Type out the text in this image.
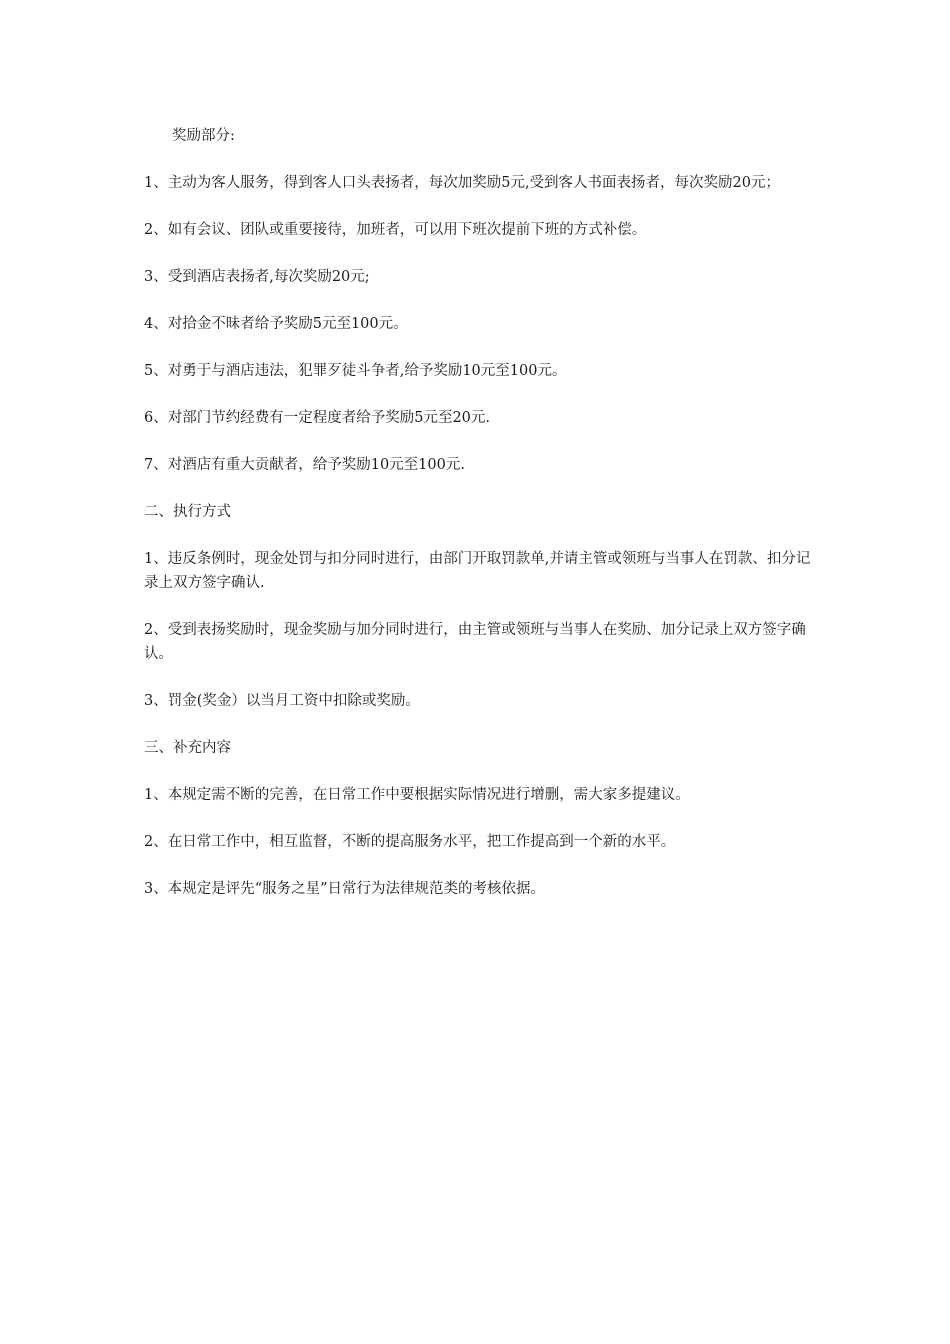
奖励部分:

1、主动为客人服务，得到客人口头表扬者，每次加奖励5元,受到客人书面表扬者，每次奖励20元；

2、如有会议、团队或重要接待，加班者，可以用下班次提前下班的方式补偿。

3、受到酒店表扬者,每次奖励20元;

4、对拾金不昧者给予奖励5元至100元。

5、对勇于与酒店违法，犯罪歹徒斗争者,给予奖励10元至100元。

6、对部门节约经费有一定程度者给予奖励5元至20元.

7、对酒店有重大贡献者，给予奖励10元至100元.

二、执行方式

1、违反条例时，现金处罚与扣分同时进行，由部门开取罚款单,并请主管或领班与当事人在罚款、扣分记录上双方签字确认.

2、受到表扬奖励时，现金奖励与加分同时进行，由主管或领班与当事人在奖励、加分记录上双方签字确认。

3、罚金(奖金）以当月工资中扣除或奖励。

三、补充内容

1、本规定需不断的完善，在日常工作中要根据实际情况进行增删，需大家多提建议。

2、在日常工作中，相互监督，不断的提高服务水平，把工作提高到一个新的水平。

3、本规定是评先“服务之星”日常行为法律规范类的考核依据。
